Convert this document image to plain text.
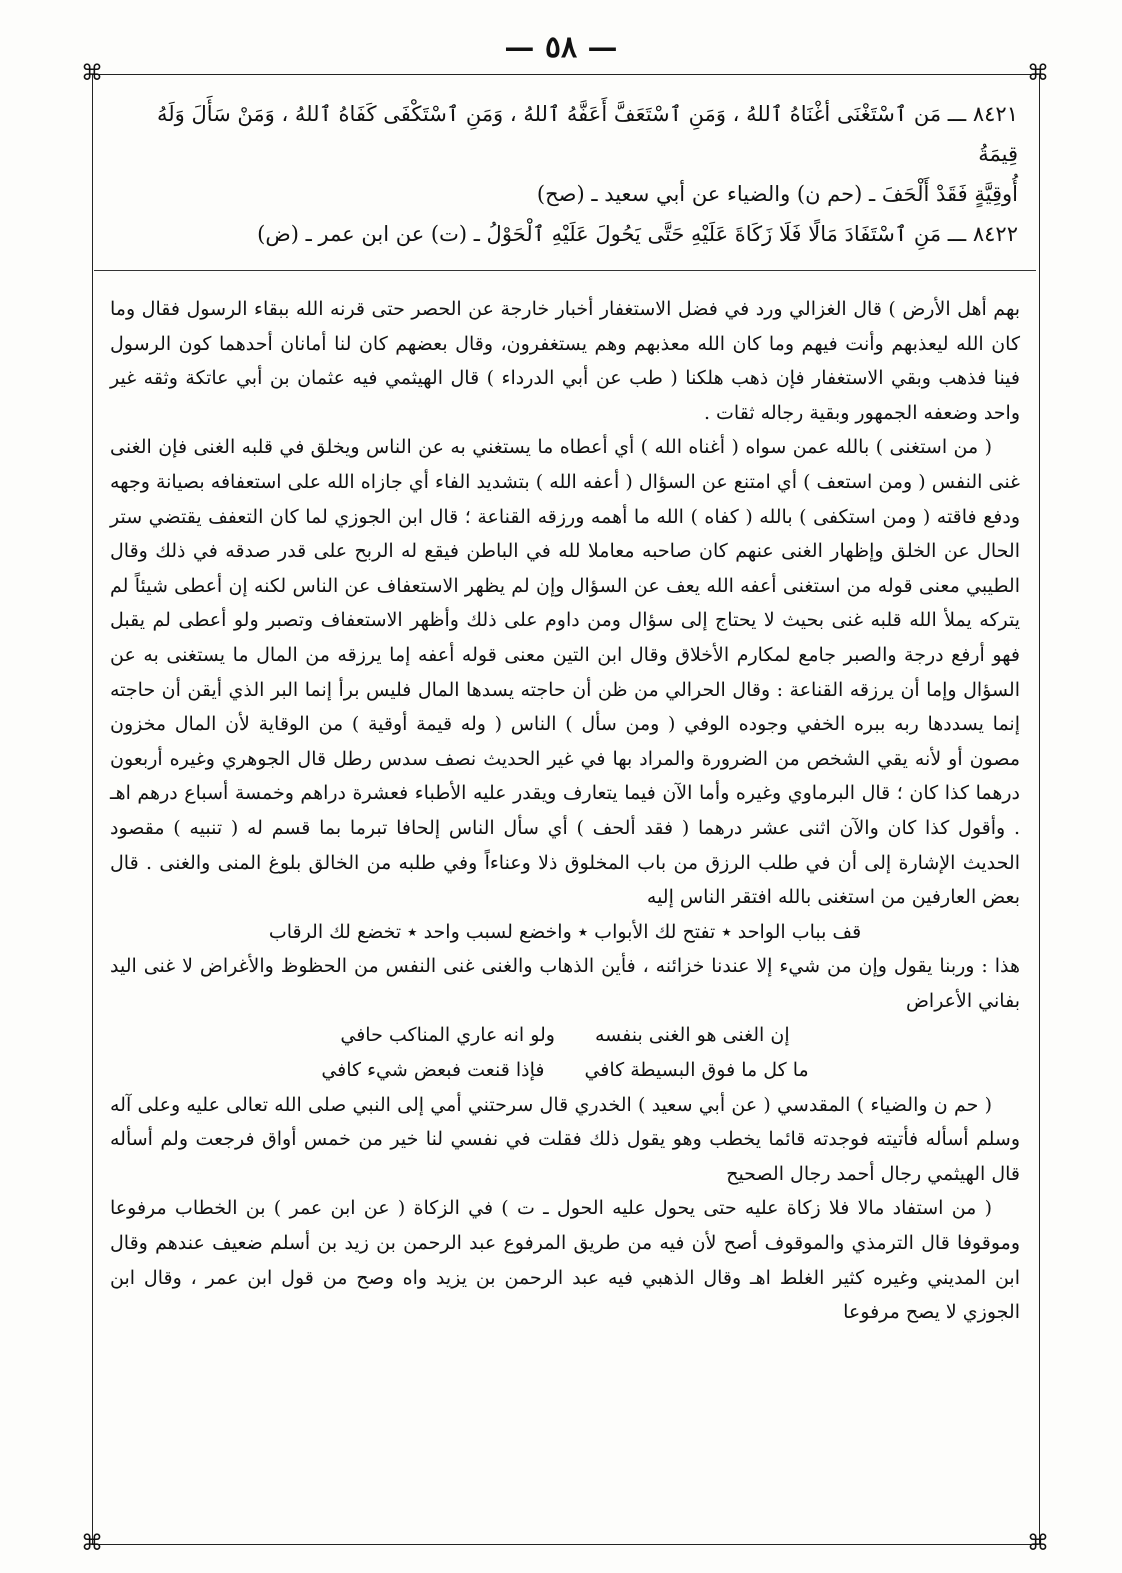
— ٥٨ —
⌘	⌘
⌘	⌘

٨٤٢١ ـــ مَن ٱسْتَغْنَى أغْنَاهُ ٱللهُ ، وَمَنِ ٱسْتَعَفَّ أَعَفَّهُ ٱللهُ ، وَمَنِ ٱسْتَكْفَى كَفَاهُ ٱللهُ ، وَمَنْ سَأَلَ وَلَهُ قِيمَةُ

أُوقِيَّةٍ فَقَدْ أَلْحَفَ ـ (حم ن) والضياء عن أبي سعيد ـ (صح)

٨٤٢٢ ـــ مَنِ ٱسْتَفَادَ مَالًا فَلَا زَكَاةَ عَلَيْهِ حَتَّى يَحُولَ عَلَيْهِ ٱلْحَوْلُ ـ (ت) عن ابن عمر ـ (ض)

بهم أهل الأرض ) قال الغزالي ورد في فضل الاستغفار أخبار خارجة عن الحصر حتى قرنه الله ببقاء الرسول فقال وما كان الله ليعذبهم وأنت فيهم وما كان الله معذبهم وهم يستغفرون، وقال بعضهم كان لنا أمانان أحدهما كون الرسول فينا فذهب وبقي الاستغفار فإن ذهب هلكنا ( طب عن أبي الدرداء ) قال الهيثمي فيه عثمان بن أبي عاتكة وثقه غير واحد وضعفه الجمهور وبقية رجاله ثقات .

( من استغنى ) بالله عمن سواه ( أغناه الله ) أي أعطاه ما يستغني به عن الناس ويخلق في قلبه الغنى فإن الغنى غنى النفس ( ومن استعف ) أي امتنع عن السؤال ( أعفه الله ) بتشديد الفاء أي جازاه الله على استعفافه بصيانة وجهه ودفع فاقته ( ومن استكفى ) بالله ( كفاه ) الله ما أهمه ورزقه القناعة ؛ قال ابن الجوزي لما كان التعفف يقتضي ستر الحال عن الخلق وإظهار الغنى عنهم كان صاحبه معاملا لله في الباطن فيقع له الربح على قدر صدقه في ذلك وقال الطيبي معنى قوله من استغنى أعفه الله يعف عن السؤال وإن لم يظهر الاستعفاف عن الناس لكنه إن أعطى شيئاً لم يتركه يملأ الله قلبه غنى بحيث لا يحتاج إلى سؤال ومن داوم على ذلك وأظهر الاستعفاف وتصبر ولو أعطى لم يقبل فهو أرفع درجة والصبر جامع لمكارم الأخلاق وقال ابن التين معنى قوله أعفه إما يرزقه من المال ما يستغنى به عن السؤال وإما أن يرزقه القناعة : وقال الحرالي من ظن أن حاجته يسدها المال فليس برأ إنما البر الذي أيقن أن حاجته إنما يسددها ربه ببره الخفي وجوده الوفي ( ومن سأل ) الناس ( وله قيمة أوقية ) من الوقاية لأن المال مخزون مصون أو لأنه يقي الشخص من الضرورة والمراد بها في غير الحديث نصف سدس رطل قال الجوهري وغيره أربعون درهما كذا كان ؛ قال البرماوي وغيره وأما الآن فيما يتعارف ويقدر عليه الأطباء فعشرة دراهم وخمسة أسباع درهم اهـ . وأقول كذا كان والآن اثنى عشر درهما ( فقد ألحف ) أي سأل الناس إلحافا تبرما بما قسم له ( تنبيه ) مقصود الحديث الإشارة إلى أن في طلب الرزق من باب المخلوق ذلا وعناءاً وفي طلبه من الخالق بلوغ المنى والغنى . قال بعض العارفين من استغنى بالله افتقر الناس إليه

قف بباب الواحد ٭ تفتح لك الأبواب ٭ واخضع لسبب واحد ٭ تخضع لك الرقاب

هذا : وربنا يقول وإن من شيء إلا عندنا خزائنه ، فأين الذهاب والغنى غنى النفس من الحظوظ والأغراض لا غنى اليد بفاني الأعراض

إن الغنى هو الغنى بنفسه
ولو انه عاري المناكب حافي
ما كل ما فوق البسيطة كافي
فإذا قنعت فبعض شيء كافي

( حم ن والضياء ) المقدسي ( عن أبي سعيد ) الخدري قال سرحتني أمي إلى النبي صلى الله تعالى عليه وعلى آله وسلم أسأله فأتيته فوجدته قائما يخطب وهو يقول ذلك فقلت في نفسي لنا خير من خمس أواق فرجعت ولم أسأله قال الهيثمي رجال أحمد رجال الصحيح

( من استفاد مالا فلا زكاة عليه حتى يحول عليه الحول ـ ت ) في الزكاة ( عن ابن عمر ) بن الخطاب مرفوعا وموقوفا قال الترمذي والموقوف أصح لأن فيه من طريق المرفوع عبد الرحمن بن زيد بن أسلم ضعيف عندهم وقال ابن المديني وغيره كثير الغلط اهـ وقال الذهبي فيه عبد الرحمن بن يزيد واه وصح من قول ابن عمر ، وقال ابن الجوزي لا يصح مرفوعا
